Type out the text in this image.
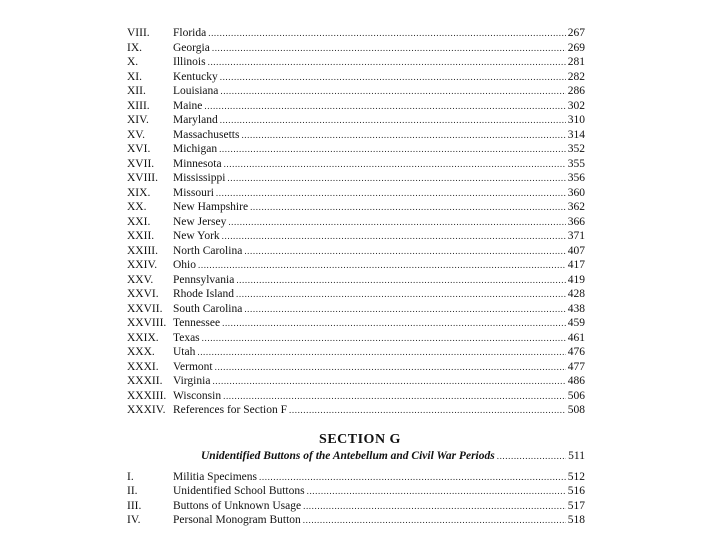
VIII.	Florida .....	267
IX.	Georgia .....	269
X.	Illinois .....	281
XI.	Kentucky .....	282
XII.	Louisiana .....	286
XIII.	Maine .....	302
XIV.	Maryland .....	310
XV.	Massachusetts .....	314
XVI.	Michigan .....	352
XVII.	Minnesota .....	355
XVIII.	Mississippi .....	356
XIX.	Missouri .....	360
XX.	New Hampshire .....	362
XXI.	New Jersey .....	366
XXII.	New York .....	371
XXIII.	North Carolina .....	407
XXIV.	Ohio .....	417
XXV.	Pennsylvania .....	419
XXVI.	Rhode Island .....	428
XXVII. South Carolina .....	438
XXVIII. Tennessee .....	459
XXIX.	Texas .....	461
XXX.	Utah .....	476
XXXI.	Vermont .....	477
XXXII. Virginia .....	486
XXXIII. Wisconsin .....	506
XXXIV. References for Section F .....	508
SECTION G
Unidentified Buttons of the Antebellum and Civil War Periods .....	511
I.	Militia Specimens .....	512
II.	Unidentified School Buttons .....	516
III.	Buttons of Unknown Usage .....	517
IV.	Personal Monogram Button .....	518
